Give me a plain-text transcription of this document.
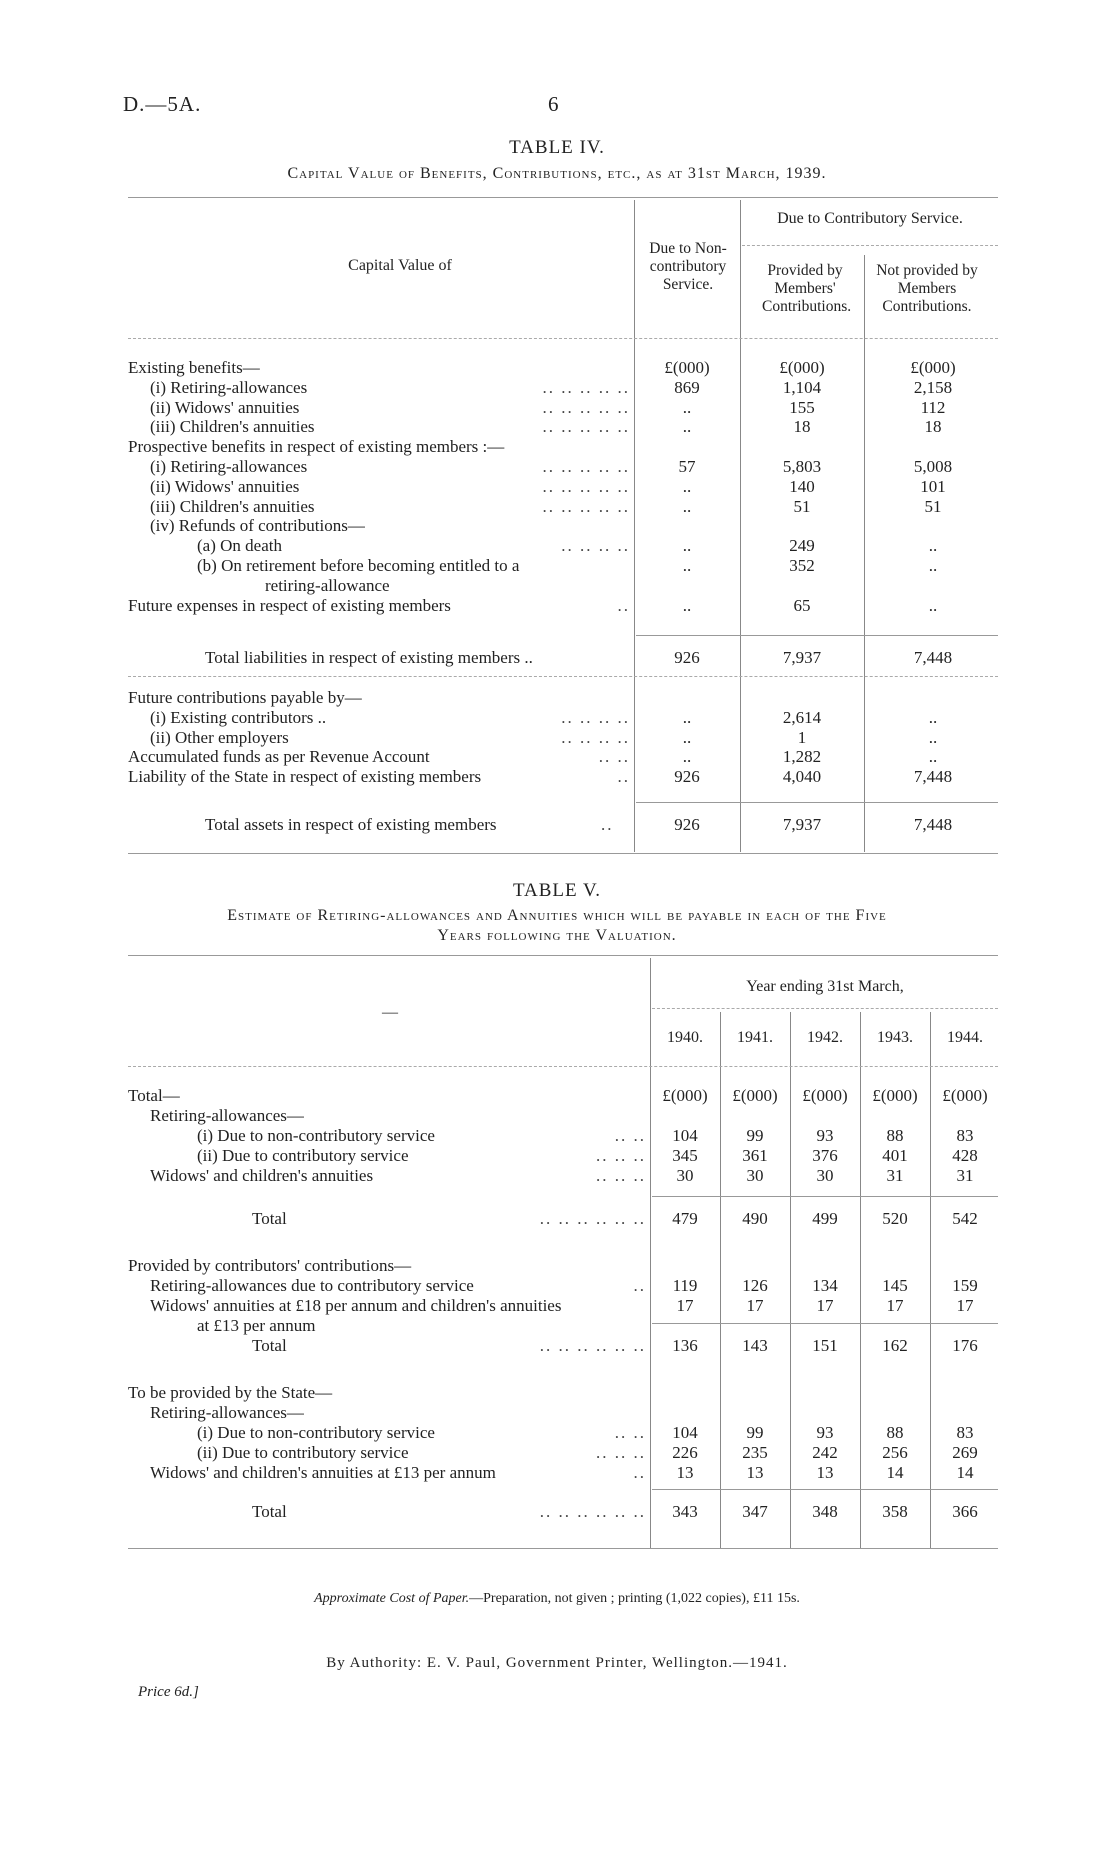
D.—5A.	6
TABLE IV.
Capital Value of Benefits, Contributions, etc., as at 31st March, 1939.
Capital Value of
Due to Non-contributory Service.
Due to Contributory Service.
Provided by Members' Contributions.
Not provided by Members Contributions.
Existing benefits—	£(000)	£(000)	£(000)
(i) Retiring-allowances	.. .. .. .. ..	869	1,104	2,158
(ii) Widows' annuities	.. .. .. .. ..	..	155	112
(iii) Children's annuities	.. .. .. .. ..	..	18	18
Prospective benefits in respect of existing members :—
(i) Retiring-allowances	.. .. .. .. ..	57	5,803	5,008
(ii) Widows' annuities	.. .. .. .. ..	..	140	101
(iii) Children's annuities	.. .. .. .. ..	..	51	51
(iv) Refunds of contributions—
(a) On death	.. .. .. ..	..	249	..
(b) On retirement before becoming entitled to a	..	352	..
retiring-allowance
Future expenses in respect of existing members	..	..	65	..
Total liabilities in respect of existing members ..	926	7,937	7,448
Future contributions payable by—
(i) Existing contributors ..	.. .. .. ..	..	2,614	..
(ii) Other employers	.. .. .. ..	..	1	..
Accumulated funds as per Revenue Account	.. ..	..	1,282	..
Liability of the State in respect of existing members	..	926	4,040	7,448
Total assets in respect of existing members	..	926	7,937	7,448
TABLE V.
Estimate of Retiring-allowances and Annuities which will be payable in each of the Five
Years following the Valuation.
—
Year ending 31st March,
1940.	1941.	1942.	1943.	1944.
Total—	£(000)	£(000)	£(000)	£(000)	£(000)
Retiring-allowances—
(i) Due to non-contributory service	.. ..	104	99	93	88	83
(ii) Due to contributory service	.. .. ..	345	361	376	401	428
Widows' and children's annuities	.. .. ..	30	30	30	31	31
Total	.. .. .. .. .. ..	479	490	499	520	542
Provided by contributors' contributions—
Retiring-allowances due to contributory service	..	119	126	134	145	159
Widows' annuities at £18 per annum and children's annuities	17	17	17	17	17
at £13 per annum
Total	.. .. .. .. .. ..	136	143	151	162	176
To be provided by the State—
Retiring-allowances—
(i) Due to non-contributory service	.. ..	104	99	93	88	83
(ii) Due to contributory service	.. .. ..	226	235	242	256	269
Widows' and children's annuities at £13 per annum	..	13	13	13	14	14
Total	.. .. .. .. .. ..	343	347	348	358	366
Approximate Cost of Paper.—Preparation, not given ; printing (1,022 copies), £11 15s.
By Authority: E. V. Paul, Government Printer, Wellington.—1941.
Price 6d.]
